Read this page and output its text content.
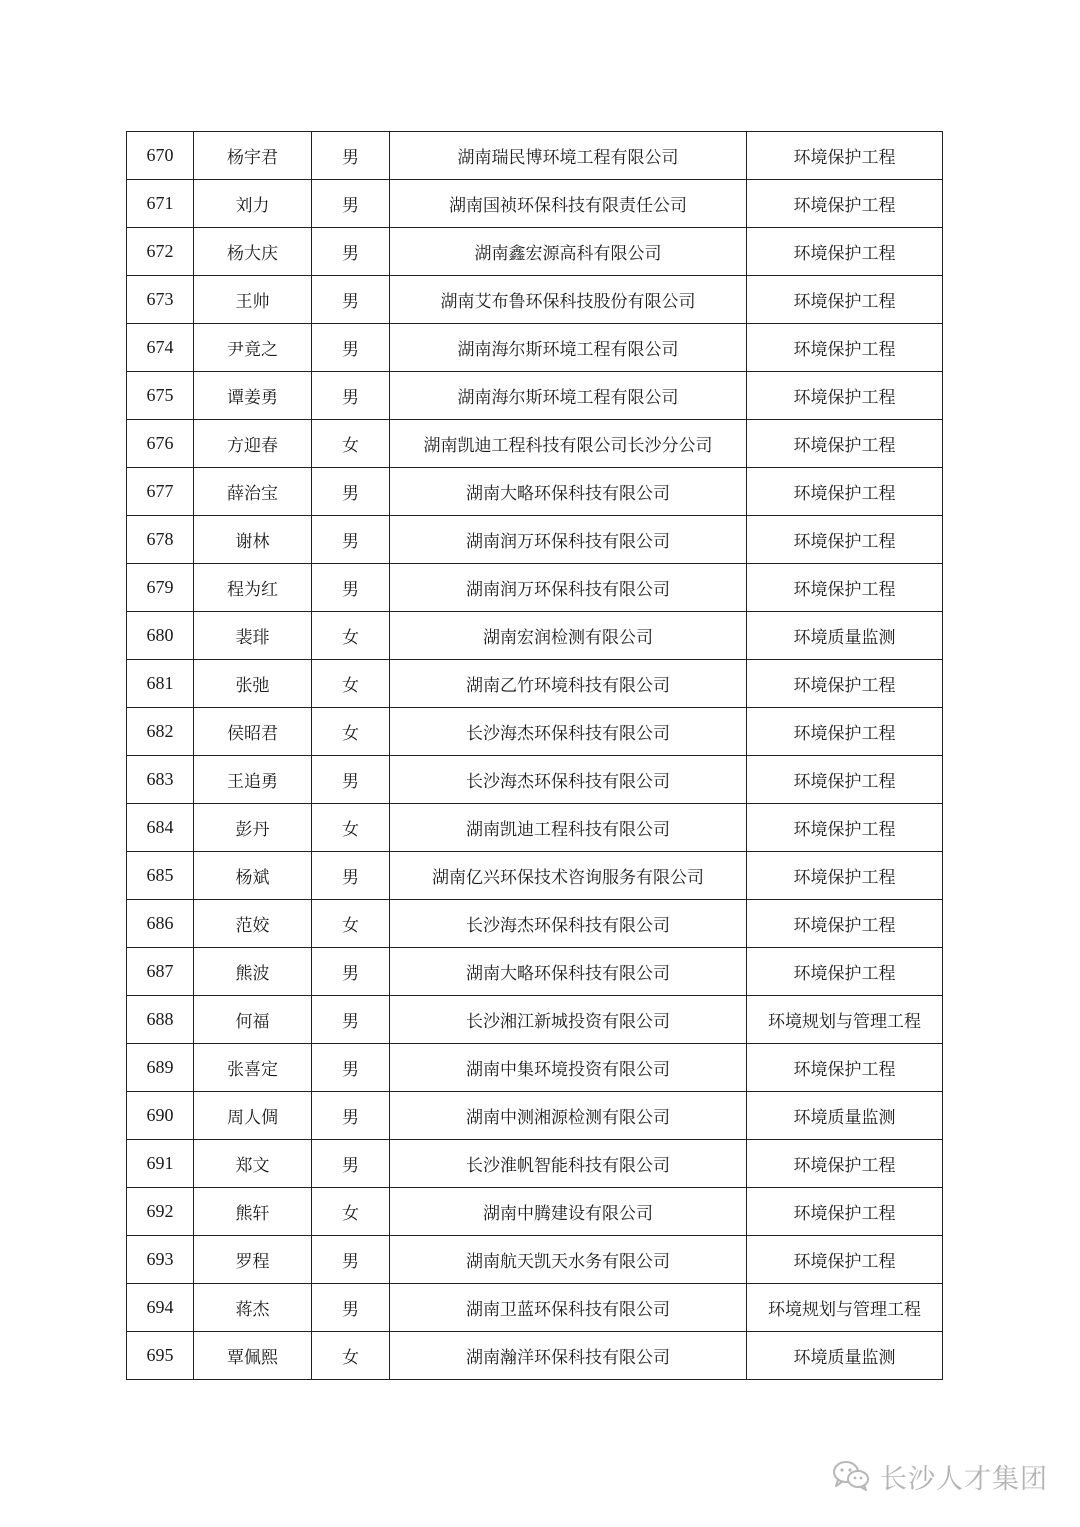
670	杨宇君	男	湖南瑞民博环境工程有限公司	环境保护工程
671	刘力	男	湖南国祯环保科技有限责任公司	环境保护工程
672	杨大庆	男	湖南鑫宏源高科有限公司	环境保护工程
673	王帅	男	湖南艾布鲁环保科技股份有限公司	环境保护工程
674	尹竟之	男	湖南海尔斯环境工程有限公司	环境保护工程
675	谭姜勇	男	湖南海尔斯环境工程有限公司	环境保护工程
676	方迎春	女	湖南凯迪工程科技有限公司长沙分公司	环境保护工程
677	薛治宝	男	湖南大略环保科技有限公司	环境保护工程
678	谢林	男	湖南润万环保科技有限公司	环境保护工程
679	程为红	男	湖南润万环保科技有限公司	环境保护工程
680	裴琲	女	湖南宏润检测有限公司	环境质量监测
681	张弛	女	湖南乙竹环境科技有限公司	环境保护工程
682	侯昭君	女	长沙海杰环保科技有限公司	环境保护工程
683	王追勇	男	长沙海杰环保科技有限公司	环境保护工程
684	彭丹	女	湖南凯迪工程科技有限公司	环境保护工程
685	杨斌	男	湖南亿兴环保技术咨询服务有限公司	环境保护工程
686	范姣	女	长沙海杰环保科技有限公司	环境保护工程
687	熊波	男	湖南大略环保科技有限公司	环境保护工程
688	何福	男	长沙湘江新城投资有限公司	环境规划与管理工程
689	张喜定	男	湖南中集环境投资有限公司	环境保护工程
690	周人倜	男	湖南中测湘源检测有限公司	环境质量监测
691	郑文	男	长沙淮帆智能科技有限公司	环境保护工程
692	熊轩	女	湖南中腾建设有限公司	环境保护工程
693	罗程	男	湖南航天凯天水务有限公司	环境保护工程
694	蒋杰	男	湖南卫蓝环保科技有限公司	环境规划与管理工程
695	覃佩熙	女	湖南瀚洋环保科技有限公司	环境质量监测
长沙人才集团
